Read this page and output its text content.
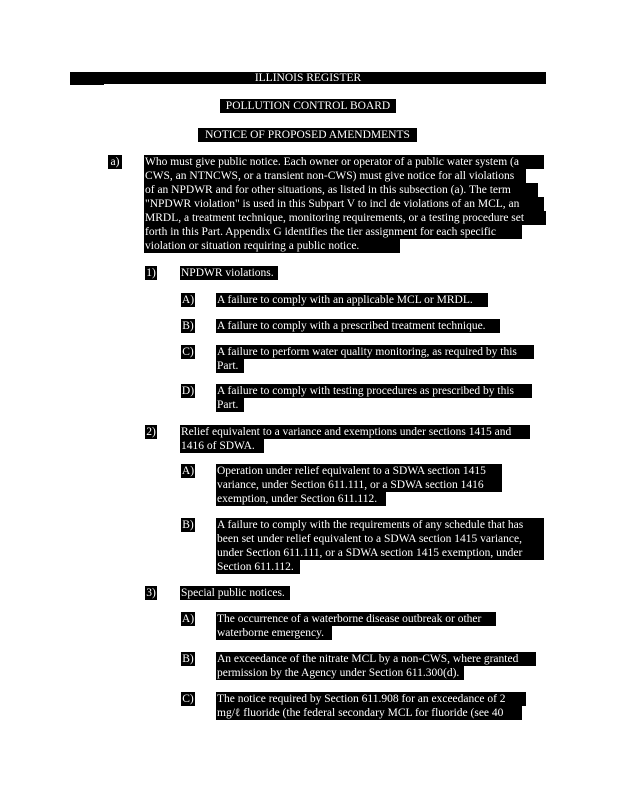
ILLINOIS REGISTER
POLLUTION CONTROL BOARD
NOTICE OF PROPOSED AMENDMENTS
a) Who must give public notice. Each owner or operator of a public water system (a
CWS, an NTNCWS, or a transient non-CWS) must give notice for all violations
of an NPDWR and for other situations, as listed in this subsection (a). The term
"NPDWR violation" is used in this Subpart V to incl de violations of an MCL, an
MRDL, a treatment technique, monitoring requirements, or a testing procedure set
forth in this Part. Appendix G identifies the tier assignment for each specific
violation or situation requiring a public notice.
1) NPDWR violations.
A) A failure to comply with an applicable MCL or MRDL.
B) A failure to comply with a prescribed treatment technique.
C) A failure to perform water quality monitoring, as required by this
Part.
D) A failure to comply with testing procedures as prescribed by this
Part.
2) Relief equivalent to a variance and exemptions under sections 1415 and
1416 of SDWA.
A) Operation under relief equivalent to a SDWA section 1415
variance, under Section 611.111, or a SDWA section 1416
exemption, under Section 611.112.
B) A failure to comply with the requirements of any schedule that has
been set under relief equivalent to a SDWA section 1415 variance,
under Section 611.111, or a SDWA section 1415 exemption, under
Section 611.112.
3) Special public notices.
A) The occurrence of a waterborne disease outbreak or other
waterborne emergency.
B) An exceedance of the nitrate MCL by a non-CWS, where granted
permission by the Agency under Section 611.300(d).
C) The notice required by Section 611.908 for an exceedance of 2
mg/ℓ fluoride (the federal secondary MCL for fluoride (see 40
